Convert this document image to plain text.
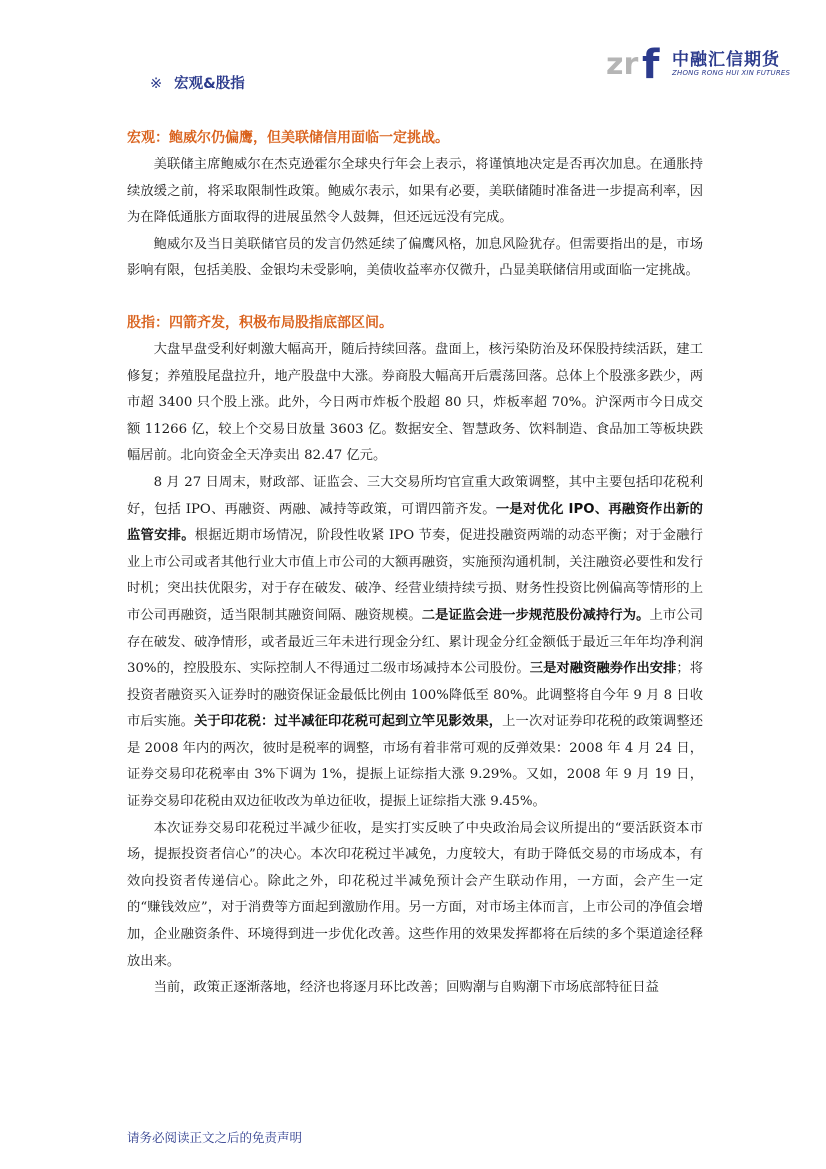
zr f 中融汇信期货
ZHONG RONG HUI XIN FUTURES
※ 宏观&股指
宏观：鲍威尔仍偏鹰，但美联储信用面临一定挑战。

美联储主席鲍威尔在杰克逊霍尔全球央行年会上表示，将谨慎地决定是否再次加息。在通胀持续放缓之前，将采取限制性政策。鲍威尔表示，如果有必要，美联储随时准备进一步提高利率，因为在降低通胀方面取得的进展虽然令人鼓舞，但还远远没有完成。

鲍威尔及当日美联储官员的发言仍然延续了偏鹰风格，加息风险犹存。但需要指出的是，市场影响有限，包括美股、金银均未受影响，美债收益率亦仅微升，凸显美联储信用或面临一定挑战。

股指：四箭齐发，积极布局股指底部区间。

大盘早盘受利好刺激大幅高开，随后持续回落。盘面上，核污染防治及环保股持续活跃，建工修复；养殖股尾盘拉升，地产股盘中大涨。券商股大幅高开后震荡回落。总体上个股涨多跌少，两市超 3400 只个股上涨。此外，今日两市炸板个股超 80 只，炸板率超 70%。沪深两市今日成交额 11266 亿，较上个交易日放量 3603 亿。数据安全、智慧政务、饮料制造、食品加工等板块跌幅居前。北向资金全天净卖出 82.47 亿元。

8 月 27 日周末，财政部、证监会、三大交易所均官宣重大政策调整，其中主要包括印花税利好，包括 IPO、再融资、两融、减持等政策，可谓四箭齐发。一是对优化 IPO、再融资作出新的监管安排。根据近期市场情况，阶段性收紧 IPO 节奏，促进投融资两端的动态平衡；对于金融行业上市公司或者其他行业大市值上市公司的大额再融资，实施预沟通机制，关注融资必要性和发行时机；突出扶优限劣，对于存在破发、破净、经营业绩持续亏损、财务性投资比例偏高等情形的上市公司再融资，适当限制其融资间隔、融资规模。二是证监会进一步规范股份减持行为。上市公司存在破发、破净情形，或者最近三年未进行现金分红、累计现金分红金额低于最近三年年均净利润 30%的，控股股东、实际控制人不得通过二级市场减持本公司股份。三是对融资融券作出安排；将投资者融资买入证券时的融资保证金最低比例由 100%降低至 80%。此调整将自今年 9 月 8 日收市后实施。关于印花税：过半减征印花税可起到立竿见影效果，上一次对证券印花税的政策调整还是 2008 年内的两次，彼时是税率的调整，市场有着非常可观的反弹效果：2008 年 4 月 24 日，证券交易印花税率由 3%下调为 1%，提振上证综指大涨 9.29%。又如，2008 年 9 月 19 日，证券交易印花税由双边征收改为单边征收，提振上证综指大涨 9.45%。

本次证券交易印花税过半减少征收，是实打实反映了中央政治局会议所提出的“要活跃资本市场，提振投资者信心”的决心。本次印花税过半减免，力度较大，有助于降低交易的市场成本，有效向投资者传递信心。除此之外，印花税过半减免预计会产生联动作用，一方面，会产生一定的“赚钱效应”，对于消费等方面起到激励作用。另一方面，对市场主体而言，上市公司的净值会增加，企业融资条件、环境得到进一步优化改善。这些作用的效果发挥都将在后续的多个渠道途径释放出来。

当前，政策正逐渐落地，经济也将逐月环比改善；回购潮与自购潮下市场底部特征日益

请务必阅读正文之后的免责声明
